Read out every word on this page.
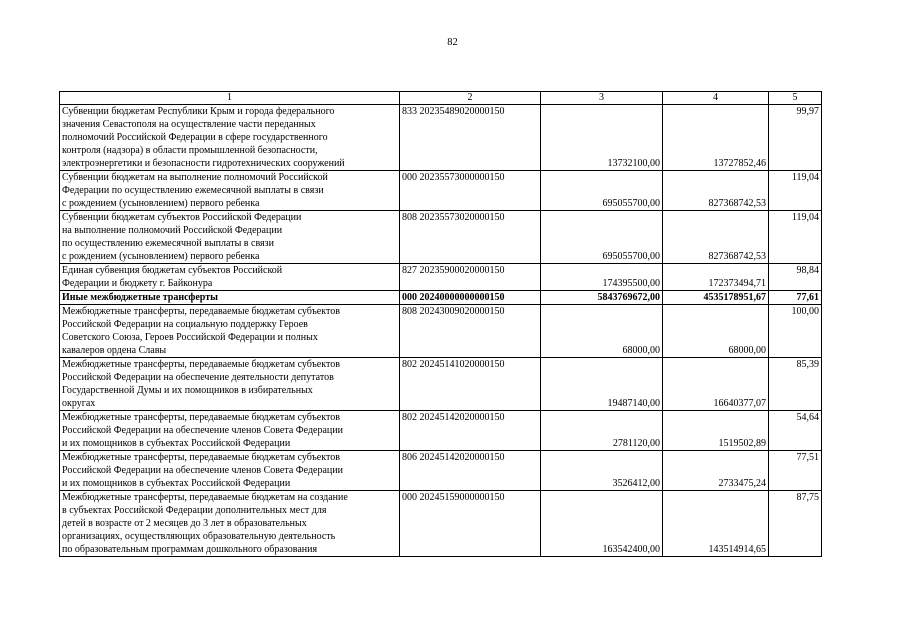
82
1	2	3	4	5

Субвенции бюджетам Республики Крым и города федерального
значения Севастополя на осуществление части переданных
полномочий Российской Федерации в сфере государственного
контроля (надзора) в области промышленной безопасности,
электроэнергетики и безопасности гидротехнических сооружений	833 20235489020000150	13732100,00	13727852,46	99,97

Субвенции бюджетам на выполнение полномочий Российской
Федерации по осуществлению ежемесячной выплаты в связи
с рождением (усыновлением) первого ребенка	000 20235573000000150	695055700,00	827368742,53	119,04

Субвенции бюджетам субъектов Российской Федерации
на выполнение полномочий Российской Федерации
по осуществлению ежемесячной выплаты в связи
с рождением (усыновлением) первого ребенка	808 20235573020000150	695055700,00	827368742,53	119,04

Единая субвенция бюджетам субъектов Российской
Федерации и бюджету г. Байконура	827 20235900020000150	174395500,00	172373494,71	98,84

Иные межбюджетные трансферты	000 20240000000000150	5843769672,00	4535178951,67	77,61

Межбюджетные трансферты, передаваемые бюджетам субъектов
Российской Федерации на социальную поддержку Героев
Советского Союза, Героев Российской Федерации и полных
кавалеров ордена Славы	808 20243009020000150	68000,00	68000,00	100,00

Межбюджетные трансферты, передаваемые бюджетам субъектов
Российской Федерации на обеспечение деятельности депутатов
Государственной Думы и их помощников в избирательных
округах	802 20245141020000150	19487140,00	16640377,07	85,39

Межбюджетные трансферты, передаваемые бюджетам субъектов
Российской Федерации на обеспечение членов Совета Федерации
и их помощников в субъектах Российской Федерации	802 20245142020000150	2781120,00	1519502,89	54,64

Межбюджетные трансферты, передаваемые бюджетам субъектов
Российской Федерации на обеспечение членов Совета Федерации
и их помощников в субъектах Российской Федерации	806 20245142020000150	3526412,00	2733475,24	77,51

Межбюджетные трансферты, передаваемые бюджетам на создание
в субъектах Российской Федерации дополнительных мест для
детей в возрасте от 2 месяцев до 3 лет в образовательных
организациях, осуществляющих образовательную деятельность
по образовательным программам дошкольного образования	000 20245159000000150	163542400,00	143514914,65	87,75
